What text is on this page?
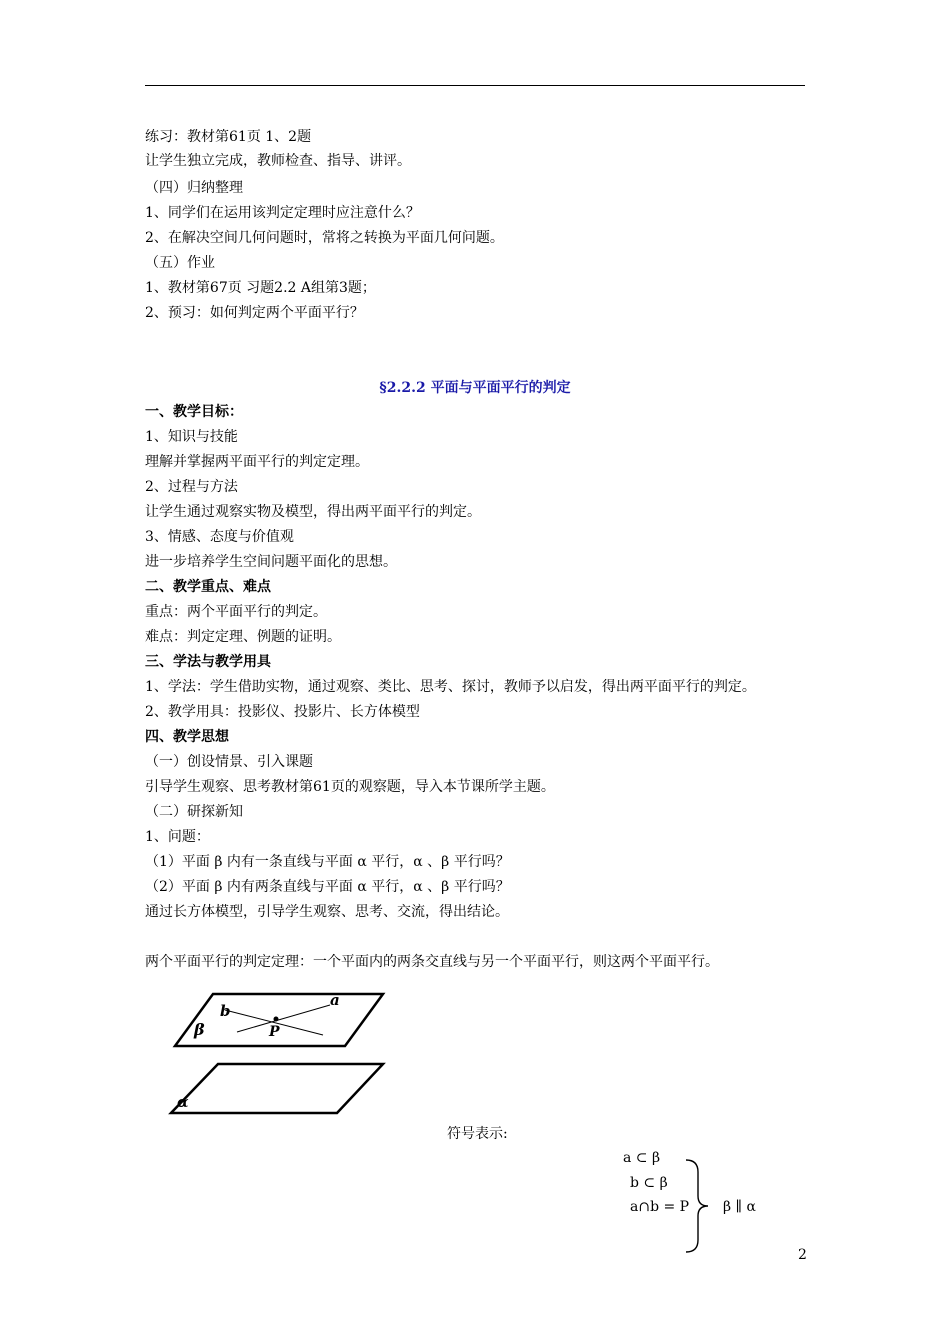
练习：教材第61页 1、2题
让学生独立完成，教师检查、指导、讲评。
（四）归纳整理
1、同学们在运用该判定定理时应注意什么？
2、在解决空间几何问题时，常将之转换为平面几何问题。
（五）作业
1、教材第67页 习题2.2 A组第3题；
2、预习：如何判定两个平面平行？
一、教学目标：
1、知识与技能
理解并掌握两平面平行的判定定理。
2、过程与方法
让学生通过观察实物及模型，得出两平面平行的判定。
3、情感、态度与价值观
进一步培养学生空间问题平面化的思想。
二、教学重点、难点
重点：两个平面平行的判定。
难点：判定定理、例题的证明。
三、学法与教学用具
1、学法：学生借助实物，通过观察、类比、思考、探讨，教师予以启发，得出两平面平行的判定。
2、教学用具：投影仪、投影片、长方体模型
四、教学思想
（一）创设情景、引入课题
引导学生观察、思考教材第61页的观察题，导入本节课所学主题。
（二）研探新知
1、问题：
（1）平面 β 内有一条直线与平面 α 平行，α 、β 平行吗？
（2）平面 β 内有两条直线与平面 α 平行，α 、β 平行吗？
通过长方体模型，引导学生观察、思考、交流，得出结论。
两个平面平行的判定定理：一个平面内的两条交直线与另一个平面平行，则这两个平面平行。
§2.2.2 平面与平面平行的判定
a
b
P
β
α
符号表示:
a ⊂ β
b ⊂ β
a∩b = P β ∥ α
2
